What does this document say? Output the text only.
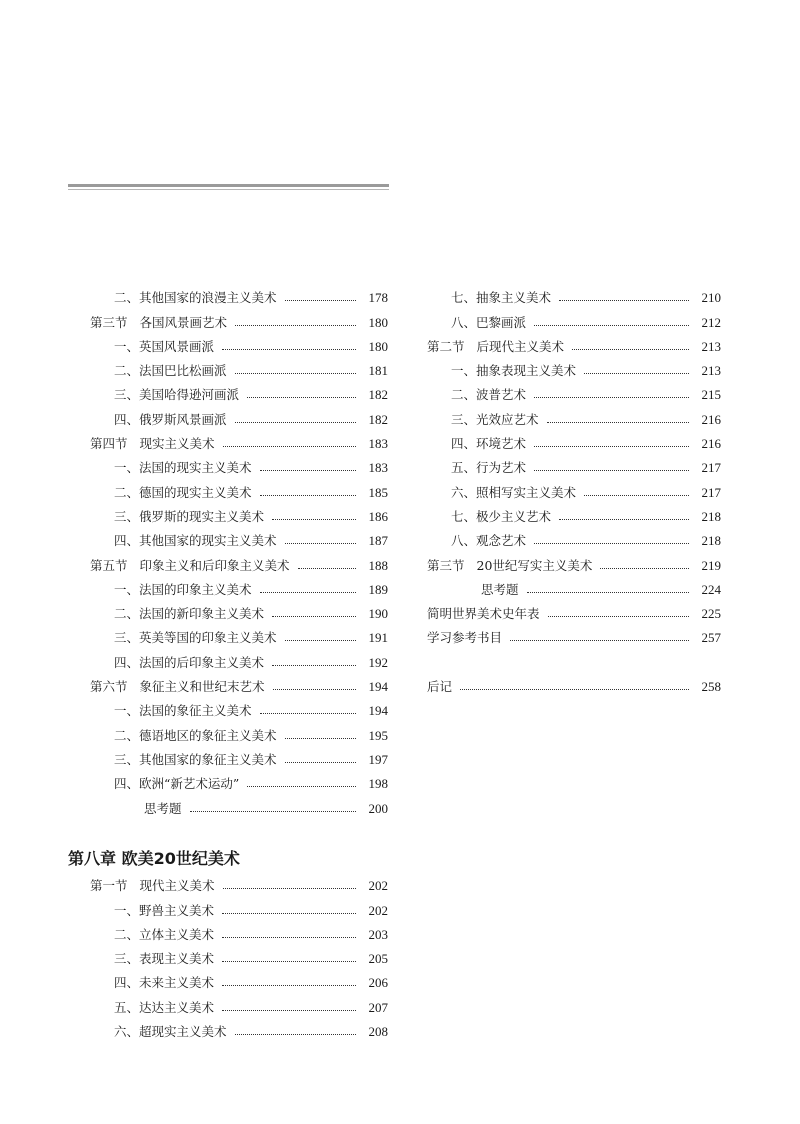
二、其他国家的浪漫主义美术	178
第三节 各国风景画艺术	180
一、英国风景画派	180
二、法国巴比松画派	181
三、美国哈得逊河画派	182
四、俄罗斯风景画派	182
第四节 现实主义美术	183
一、法国的现实主义美术	183
二、德国的现实主义美术	185
三、俄罗斯的现实主义美术	186
四、其他国家的现实主义美术	187
第五节 印象主义和后印象主义美术	188
一、法国的印象主义美术	189
二、法国的新印象主义美术	190
三、英美等国的印象主义美术	191
四、法国的后印象主义美术	192
第六节 象征主义和世纪末艺术	194
一、法国的象征主义美术	194
二、德语地区的象征主义美术	195
三、其他国家的象征主义美术	197
四、欧洲“新艺术运动”	198
思考题	200
第八章 欧美20世纪美术
第一节 现代主义美术	202
一、野兽主义美术	202
二、立体主义美术	203
三、表现主义美术	205
四、未来主义美术	206
五、达达主义美术	207
六、超现实主义美术	208
七、抽象主义美术	210
八、巴黎画派	212
第二节 后现代主义美术	213
一、抽象表现主义美术	213
二、波普艺术	215
三、光效应艺术	216
四、环境艺术	216
五、行为艺术	217
六、照相写实主义美术	217
七、极少主义艺术	218
八、观念艺术	218
第三节 20世纪写实主义美术	219
思考题	224
简明世界美术史年表	225
学习参考书目	257
后记	258
